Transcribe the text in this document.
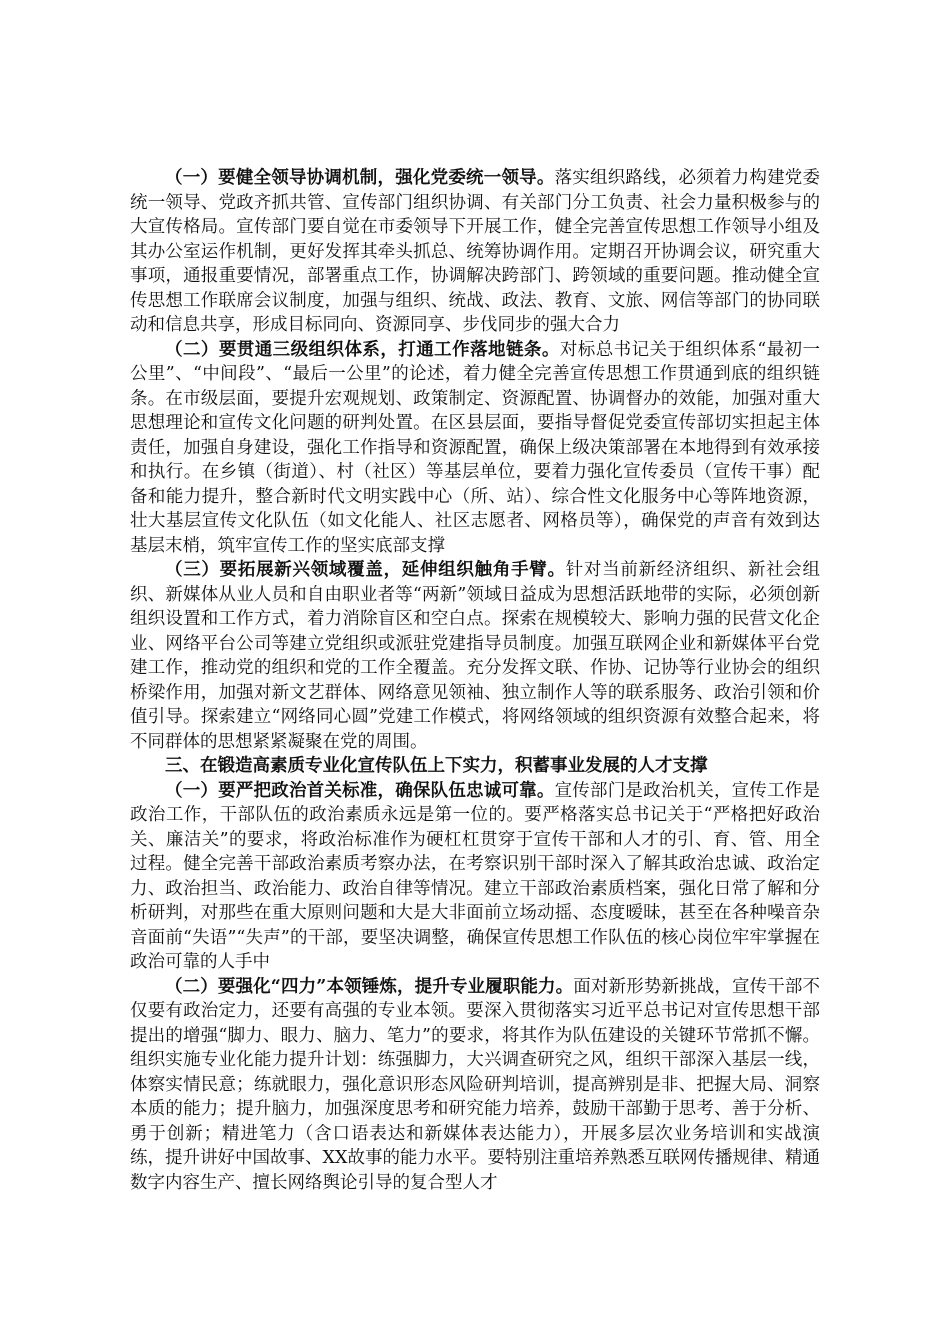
（一）要健全领导协调机制，强化党委统一领导。落实组织路线，必须着力构建党委统一领导、党政齐抓共管、宣传部门组织协调、有关部门分工负责、社会力量积极参与的大宣传格局。宣传部门要自觉在市委领导下开展工作，健全完善宣传思想工作领导小组及其办公室运作机制，更好发挥其牵头抓总、统筹协调作用。定期召开协调会议，研究重大事项，通报重要情况，部署重点工作，协调解决跨部门、跨领域的重要问题。推动健全宣传思想工作联席会议制度，加强与组织、统战、政法、教育、文旅、网信等部门的协同联动和信息共享，形成目标同向、资源同享、步伐同步的强大合力

（二）要贯通三级组织体系，打通工作落地链条。对标总书记关于组织体系“最初一公里”、“中间段”、“最后一公里”的论述，着力健全完善宣传思想工作贯通到底的组织链条。在市级层面，要提升宏观规划、政策制定、资源配置、协调督办的效能，加强对重大思想理论和宣传文化问题的研判处置。在区县层面，要指导督促党委宣传部切实担起主体责任，加强自身建设，强化工作指导和资源配置，确保上级决策部署在本地得到有效承接和执行。在乡镇（街道）、村（社区）等基层单位，要着力强化宣传委员（宣传干事）配备和能力提升，整合新时代文明实践中心（所、站）、综合性文化服务中心等阵地资源，壮大基层宣传文化队伍（如文化能人、社区志愿者、网格员等），确保党的声音有效到达基层末梢，筑牢宣传工作的坚实底部支撑

（三）要拓展新兴领域覆盖，延伸组织触角手臂。针对当前新经济组织、新社会组织、新媒体从业人员和自由职业者等“两新”领域日益成为思想活跃地带的实际，必须创新组织设置和工作方式，着力消除盲区和空白点。探索在规模较大、影响力强的民营文化企业、网络平台公司等建立党组织或派驻党建指导员制度。加强互联网企业和新媒体平台党建工作，推动党的组织和党的工作全覆盖。充分发挥文联、作协、记协等行业协会的组织桥梁作用，加强对新文艺群体、网络意见领袖、独立制作人等的联系服务、政治引领和价值引导。探索建立“网络同心圆”党建工作模式，将网络领域的组织资源有效整合起来，将不同群体的思想紧紧凝聚在党的周围。

三、在锻造高素质专业化宣传队伍上下实力，积蓄事业发展的人才支撑

（一）要严把政治首关标准，确保队伍忠诚可靠。宣传部门是政治机关，宣传工作是政治工作，干部队伍的政治素质永远是第一位的。要严格落实总书记关于“严格把好政治关、廉洁关”的要求，将政治标准作为硬杠杠贯穿于宣传干部和人才的引、育、管、用全过程。健全完善干部政治素质考察办法，在考察识别干部时深入了解其政治忠诚、政治定力、政治担当、政治能力、政治自律等情况。建立干部政治素质档案，强化日常了解和分析研判，对那些在重大原则问题和大是大非面前立场动摇、态度暧昧，甚至在各种噪音杂音面前“失语”“失声”的干部，要坚决调整，确保宣传思想工作队伍的核心岗位牢牢掌握在政治可靠的人手中

（二）要强化“四力”本领锤炼，提升专业履职能力。面对新形势新挑战，宣传干部不仅要有政治定力，还要有高强的专业本领。要深入贯彻落实习近平总书记对宣传思想干部提出的增强“脚力、眼力、脑力、笔力”的要求，将其作为队伍建设的关键环节常抓不懈。组织实施专业化能力提升计划：练强脚力，大兴调查研究之风，组织干部深入基层一线，体察实情民意；练就眼力，强化意识形态风险研判培训，提高辨别是非、把握大局、洞察本质的能力；提升脑力，加强深度思考和研究能力培养，鼓励干部勤于思考、善于分析、勇于创新；精进笔力（含口语表达和新媒体表达能力），开展多层次业务培训和实战演练，提升讲好中国故事、XX故事的能力水平。要特别注重培养熟悉互联网传播规律、精通数字内容生产、擅长网络舆论引导的复合型人才
